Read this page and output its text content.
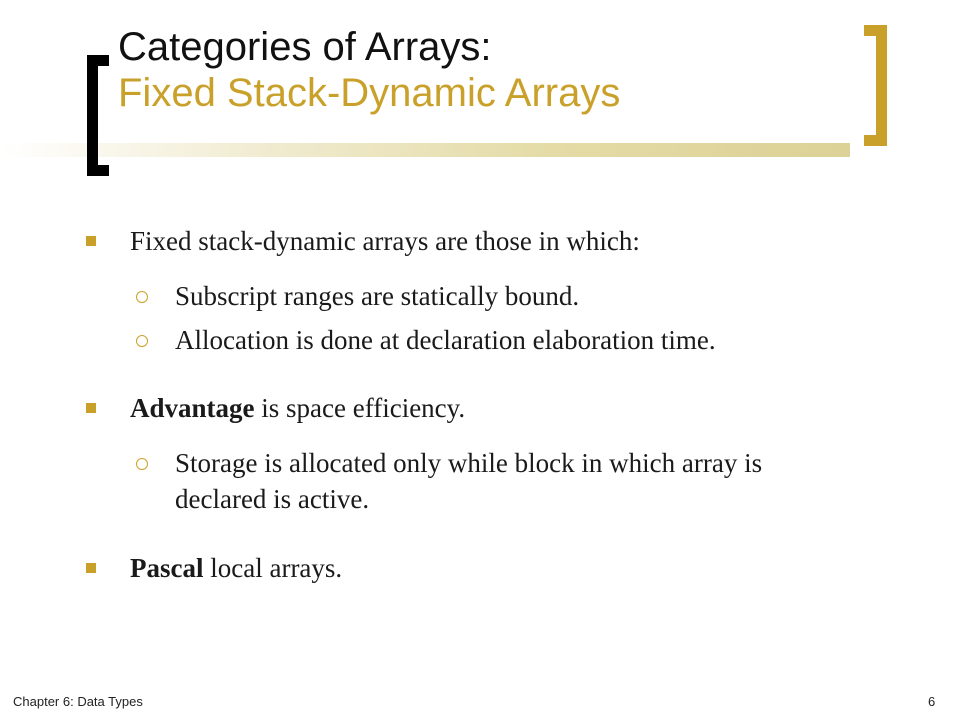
Categories of Arrays:
Fixed Stack-Dynamic Arrays
Fixed stack-dynamic arrays are those in which:
Subscript ranges are statically bound.
Allocation is done at declaration elaboration time.
Advantage is space efficiency.
Storage is allocated only while block in which array is
declared is active.
Pascal local arrays.
Chapter 6: Data Types	6
